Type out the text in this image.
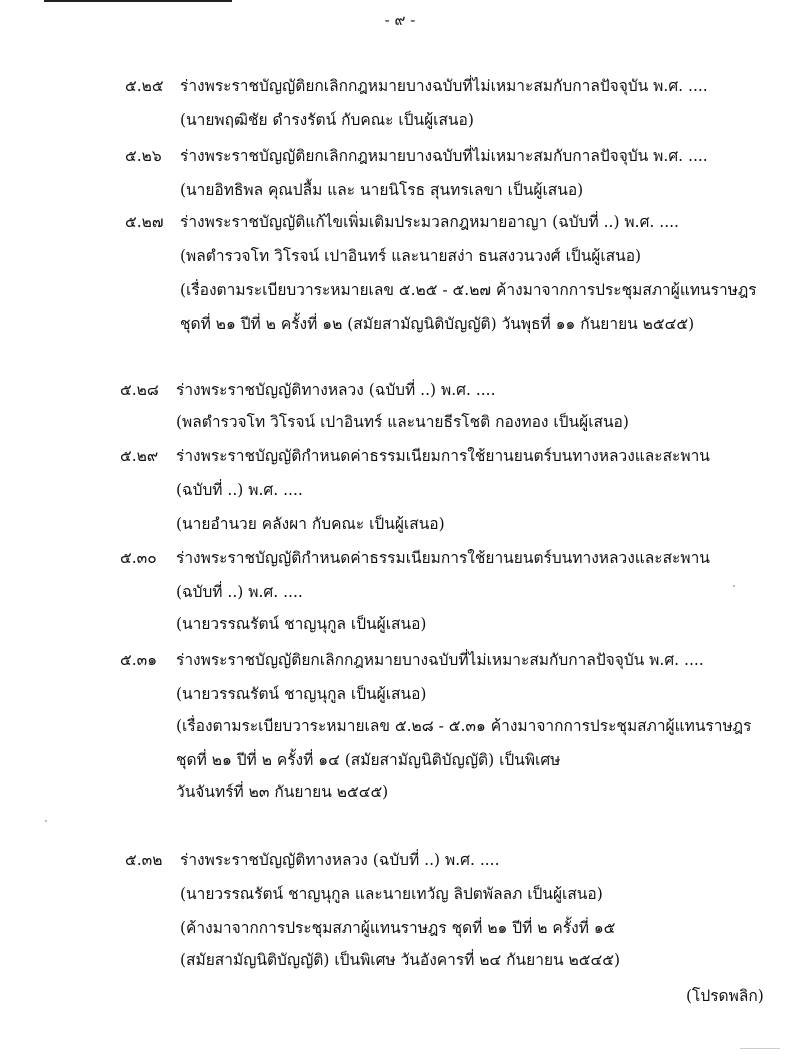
- ๙ -
๕.๒๕ ร่างพระราชบัญญัติยกเลิกกฎหมายบางฉบับที่ไม่เหมาะสมกับกาลปัจจุบัน พ.ศ. ....
(นายพฤฒิชัย ดำรงรัตน์ กับคณะ เป็นผู้เสนอ)
๕.๒๖ ร่างพระราชบัญญัติยกเลิกกฎหมายบางฉบับที่ไม่เหมาะสมกับกาลปัจจุบัน พ.ศ. ....
(นายอิทธิพล คุณปลื้ม และ นายนิโรธ สุนทรเลขา เป็นผู้เสนอ)
๕.๒๗ ร่างพระราชบัญญัติแก้ไขเพิ่มเติมประมวลกฎหมายอาญา (ฉบับที่ ..) พ.ศ. ....
(พลตำรวจโท วิโรจน์ เปาอินทร์ และนายสง่า ธนสงวนวงศ์ เป็นผู้เสนอ)
(เรื่องตามระเบียบวาระหมายเลข ๕.๒๕ - ๕.๒๗ ค้างมาจากการประชุมสภาผู้แทนราษฎร
ชุดที่ ๒๑ ปีที่ ๒ ครั้งที่ ๑๒ (สมัยสามัญนิติบัญญัติ) วันพุธที่ ๑๑ กันยายน ๒๕๔๕)
๕.๒๘ ร่างพระราชบัญญัติทางหลวง (ฉบับที่ ..) พ.ศ. ....
(พลตำรวจโท วิโรจน์ เปาอินทร์ และนายธีรโชติ กองทอง เป็นผู้เสนอ)
๕.๒๙ ร่างพระราชบัญญัติกำหนดค่าธรรมเนียมการใช้ยานยนตร์บนทางหลวงและสะพาน
(ฉบับที่ ..) พ.ศ. ....
(นายอำนวย คลังผา กับคณะ เป็นผู้เสนอ)
๕.๓๐ ร่างพระราชบัญญัติกำหนดค่าธรรมเนียมการใช้ยานยนตร์บนทางหลวงและสะพาน
(ฉบับที่ ..) พ.ศ. ....
(นายวรรณรัตน์ ชาญนุกูล เป็นผู้เสนอ)
๕.๓๑ ร่างพระราชบัญญัติยกเลิกกฎหมายบางฉบับที่ไม่เหมาะสมกับกาลปัจจุบัน พ.ศ. ....
(นายวรรณรัตน์ ชาญนุกูล เป็นผู้เสนอ)
(เรื่องตามระเบียบวาระหมายเลข ๕.๒๘ - ๕.๓๑ ค้างมาจากการประชุมสภาผู้แทนราษฎร
ชุดที่ ๒๑ ปีที่ ๒ ครั้งที่ ๑๔ (สมัยสามัญนิติบัญญัติ) เป็นพิเศษ
วันจันทร์ที่ ๒๓ กันยายน ๒๕๔๕)
๕.๓๒ ร่างพระราชบัญญัติทางหลวง (ฉบับที่ ..) พ.ศ. ....
(นายวรรณรัตน์ ชาญนุกูล และนายเทวัญ ลิปตพัลลภ เป็นผู้เสนอ)
(ค้างมาจากการประชุมสภาผู้แทนราษฎร ชุดที่ ๒๑ ปีที่ ๒ ครั้งที่ ๑๕
(สมัยสามัญนิติบัญญัติ) เป็นพิเศษ วันอังคารที่ ๒๔ กันยายน ๒๕๔๕)
(โปรดพลิก)
